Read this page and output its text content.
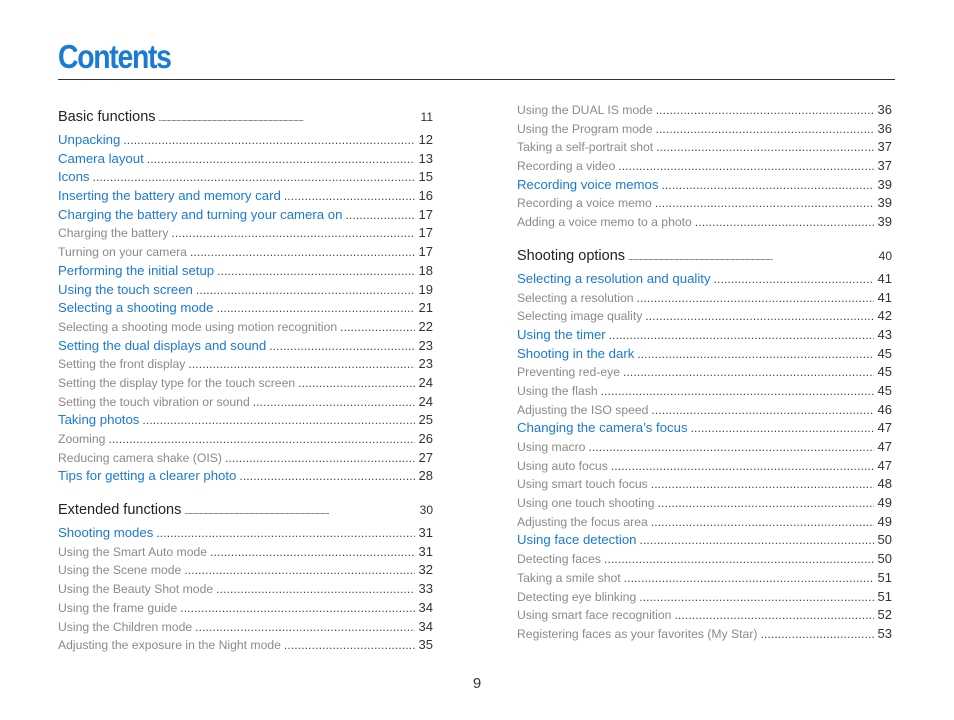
Contents
Basic functions . . .	11
Unpacking . . .	12
Camera layout . . .	13
Icons . . .	15
Inserting the battery and memory card . . .	16
Charging the battery and turning your camera on . . .	17
Charging the battery . . .	17
Turning on your camera . . .	17
Performing the initial setup . . .	18
Using the touch screen . . .	19
Selecting a shooting mode . . .	21
Selecting a shooting mode using motion recognition . . .	22
Setting the dual displays and sound . . .	23
Setting the front display . . .	23
Setting the display type for the touch screen . . .	24
Setting the touch vibration or sound . . .	24
Taking photos . . .	25
Zooming . . .	26
Reducing camera shake (OIS) . . .	27
Tips for getting a clearer photo . . .	28
Extended functions . . .	30
Shooting modes . . .	31
Using the Smart Auto mode . . .	31
Using the Scene mode . . .	32
Using the Beauty Shot mode . . .	33
Using the frame guide . . .	34
Using the Children mode . . .	34
Adjusting the exposure in the Night mode . . .	35
Using the DUAL IS mode . . .	36
Using the Program mode . . .	36
Taking a self-portrait shot . . .	37
Recording a video . . .	37
Recording voice memos . . .	39
Recording a voice memo . . .	39
Adding a voice memo to a photo . . .	39
Shooting options . . .	40
Selecting a resolution and quality . . .	41
Selecting a resolution . . .	41
Selecting image quality . . .	42
Using the timer . . .	43
Shooting in the dark . . .	45
Preventing red-eye . . .	45
Using the flash . . .	45
Adjusting the ISO speed . . .	46
Changing the camera’s focus . . .	47
Using macro . . .	47
Using auto focus . . .	47
Using smart touch focus . . .	48
Using one touch shooting . . .	49
Adjusting the focus area . . .	49
Using face detection . . .	50
Detecting faces . . .	50
Taking a smile shot . . .	51
Detecting eye blinking . . .	51
Using smart face recognition . . .	52
Registering faces as your favorites (My Star) . . .	53
9
